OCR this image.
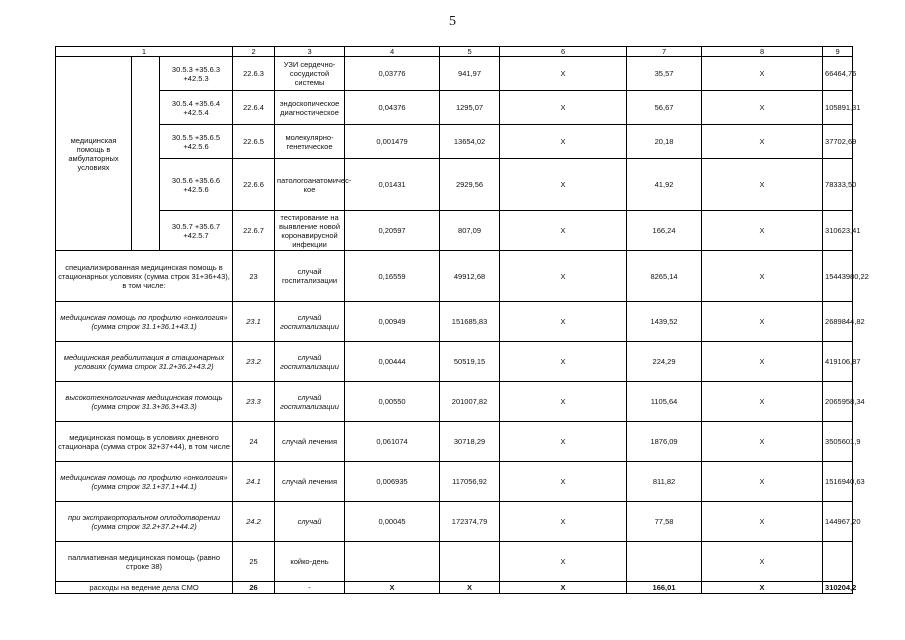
5
1			2	3	4	5	6	7	8	9	
медицинская помощь в амбулаторных условиях		30.5.3 +35.6.3 +42.5.3	22.6.3	УЗИ сердечно-сосудистой системы	0,03776	941,97	Х	35,57	Х	66464,76	
		30.5.4 +35.6.4 +42.5.4	22.6.4	эндоскопическое диагностическое	0,04376	1295,07	Х	56,67	Х	105891,31	
		30.5.5 +35.6.5 +42.5.6	22.6.5	молекулярно-генетическое	0,001479	13654,02	Х	20,18	Х	37702,69	
		30.5.6 +35.6.6 +42.5.6	22.6.6	патологоанатомичес-кое	0,01431	2929,56	Х	41,92	Х	78333,50	
		30.5.7 +35.6.7 +42.5.7	22.6.7	тестирование на выявление новой коронавирусной инфекции	0,20597	807,09	Х	166,24	Х	310623,41	
специализированная медицинская помощь в стационарных условиях (сумма строк 31+36+43), в том числе:			23	случай госпитализации	0,16559	49912,68	Х	8265,14	Х	15443980,22	
медицинская помощь по профилю «онкология» (сумма строк 31.1+36.1+43.1)			23.1	случай госпитализации	0,00949	151685,83	Х	1439,52	Х	2689844,82	
медицинская реабилитация в стационарных условиях (сумма строк 31.2+36.2+43.2)			23.2	случай госпитализации	0,00444	50519,15	Х	224,29	Х	419106,87	
высокотехнологичная медицинская помощь (сумма строк 31.3+36.3+43.3)			23.3	случай госпитализации	0,00550	201007,82	Х	1105,64	Х	2065958,34	
медицинская помощь в условиях дневного стационара (сумма строк 32+37+44), в том числе			24	случай лечения	0,061074	30718,29	Х	1876,09	Х	3505601,9	
медицинская помощь по профилю «онкология» (сумма строк 32.1+37.1+44.1)			24.1	случай лечения	0,006935	117056,92	Х	811,82	Х	1516940,63	
при экстракорпоральном оплодотворении (сумма строк 32.2+37.2+44.2)			24.2	случай	0,00045	172374,79	Х	77,58	Х	144967,20	
паллиативная медицинская помощь (равно строке 38)			25	койко-день			Х		Х		
расходы на ведение дела СМО			26	-	Х	Х	Х	166,01	Х	310204,2	
